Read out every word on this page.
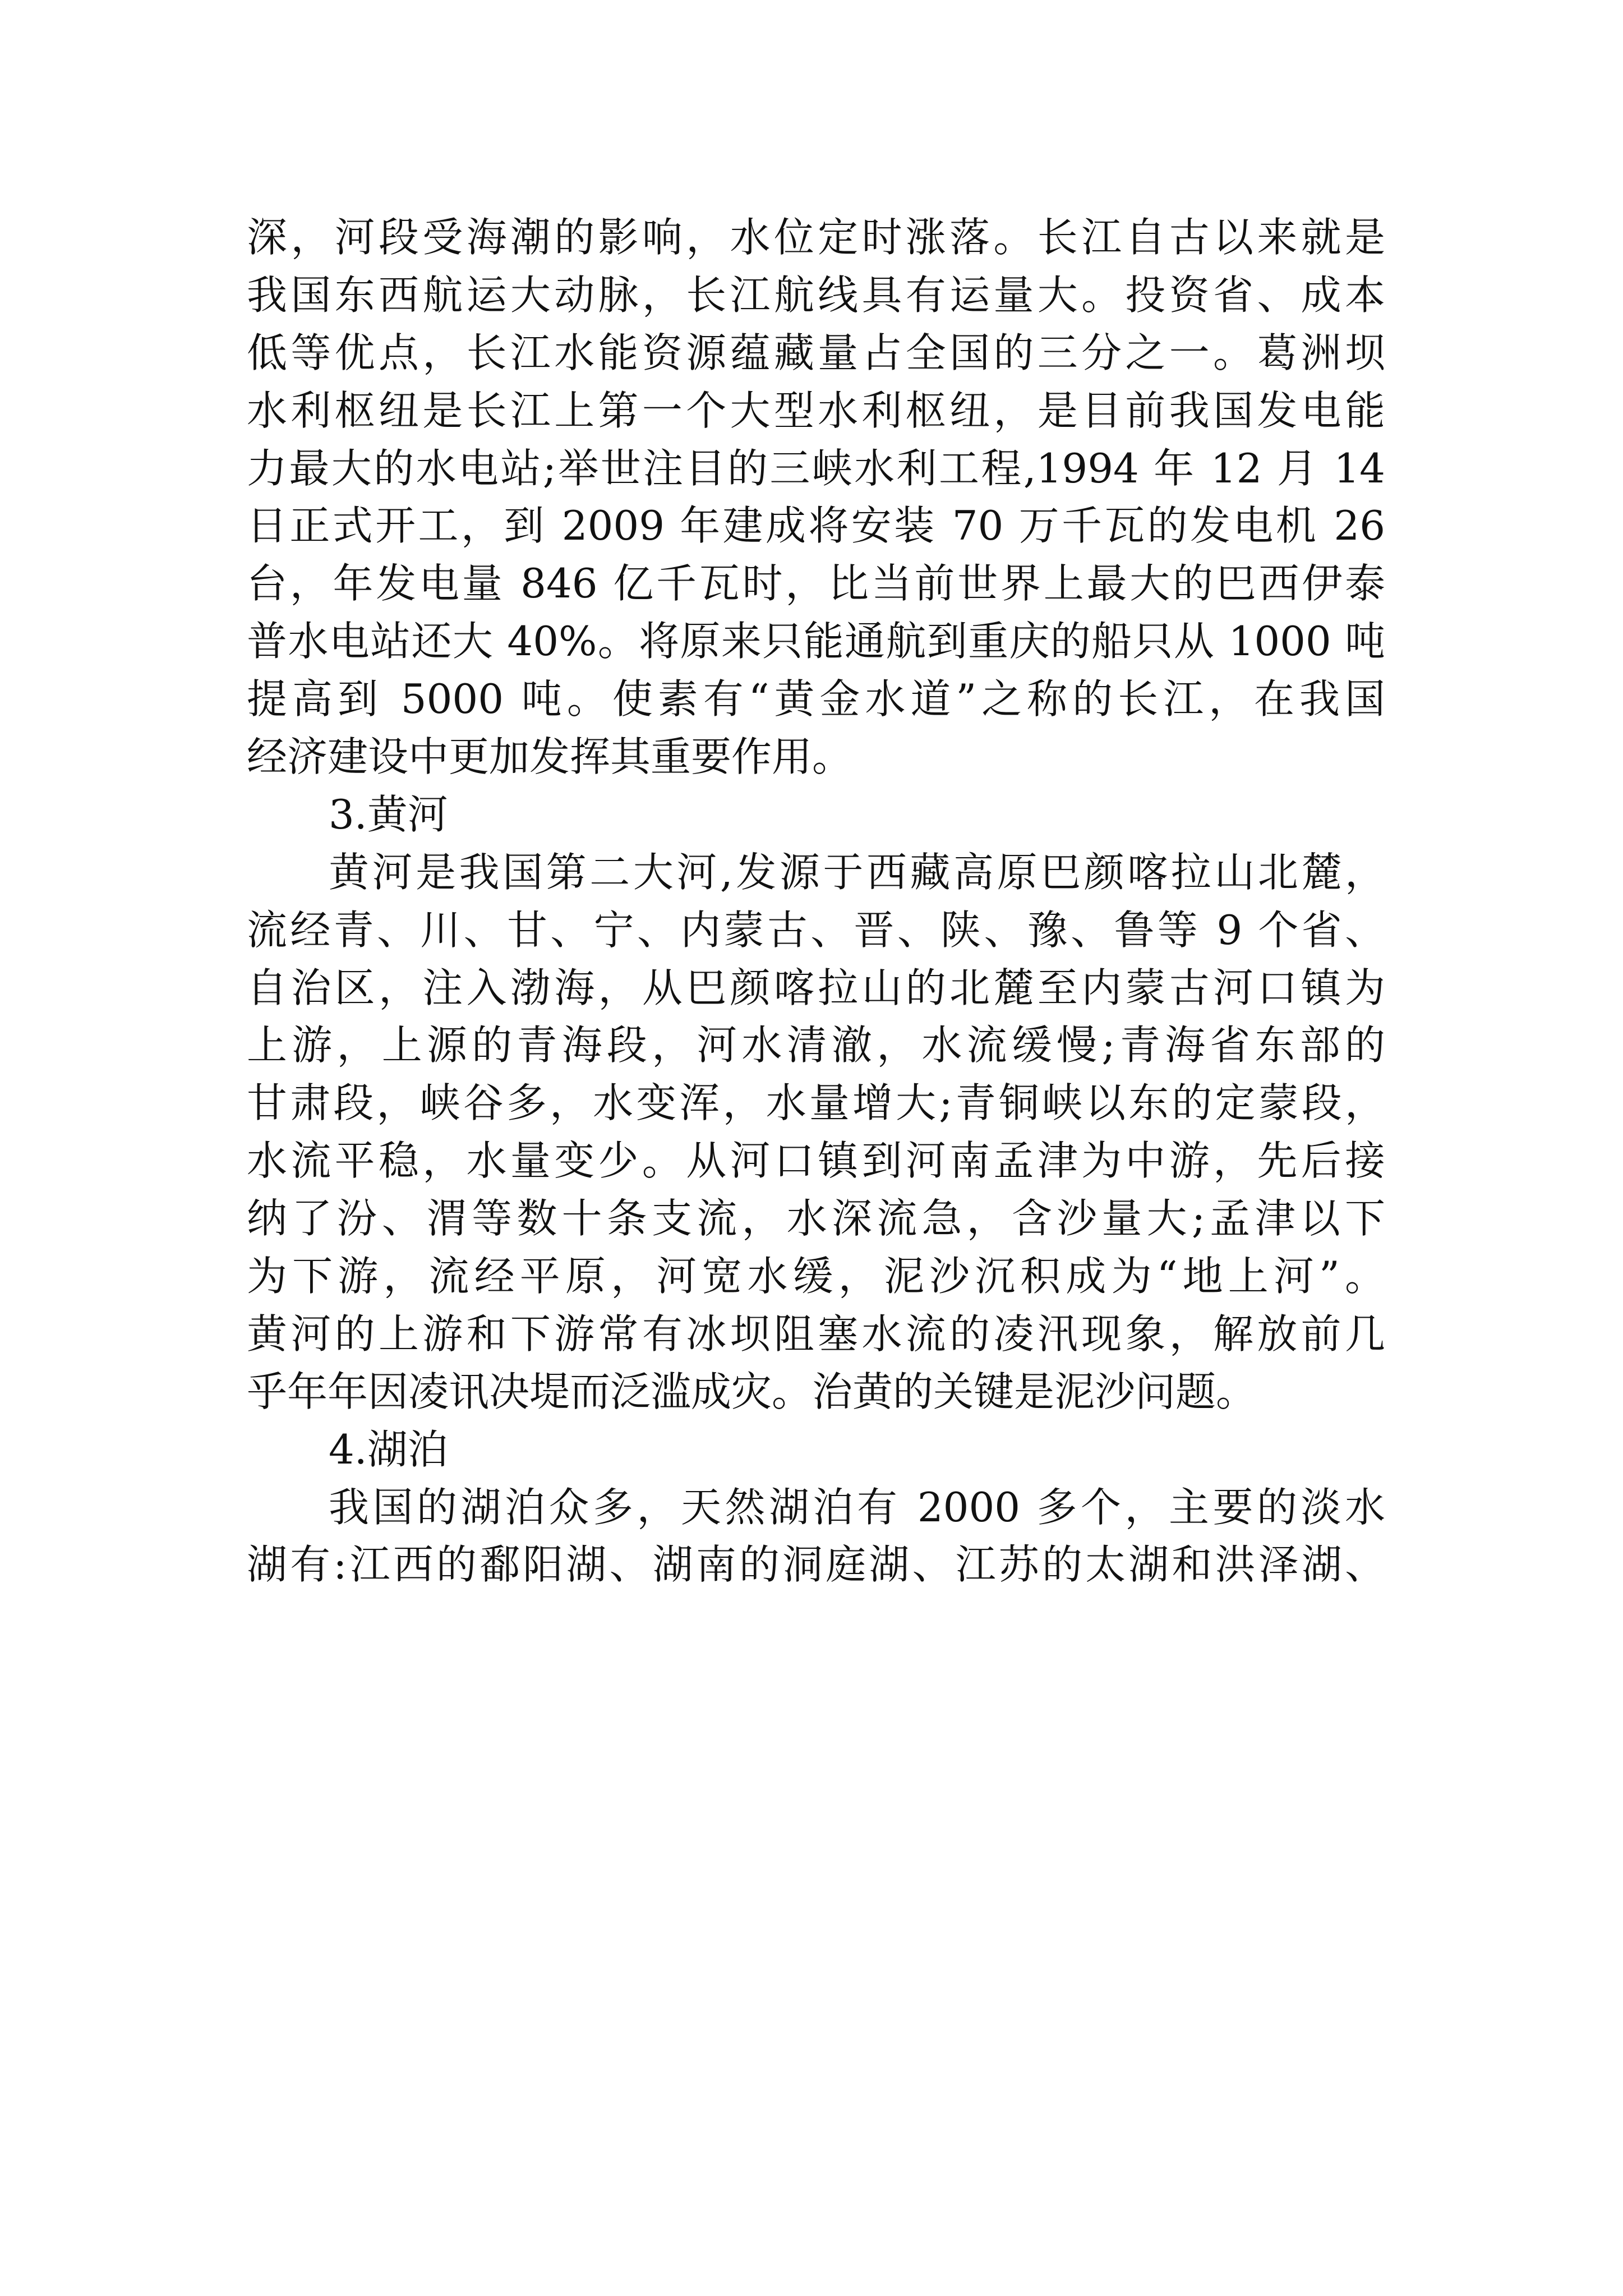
深，河段受海潮的影响，水位定时涨落。长江自古以来就是
我国东西航运大动脉，长江航线具有运量大。投资省、成本
低等优点，长江水能资源蕴藏量占全国的三分之一。葛洲坝
水利枢纽是长江上第一个大型水利枢纽，是目前我国发电能
力最大的水电站;举世注目的三峡水利工程,1994 年 12 月 14
日正式开工，到 2009 年建成将安装 70 万千瓦的发电机 26
台，年发电量 846 亿千瓦时，比当前世界上最大的巴西伊泰
普水电站还大 40%。将原来只能通航到重庆的船只从 1000 吨
提高到 5000 吨。使素有“黄金水道”之称的长江，在我国
经济建设中更加发挥其重要作用。
3.黄河
黄河是我国第二大河,发源于西藏高原巴颜喀拉山北麓，
流经青、川、甘、宁、内蒙古、晋、陕、豫、鲁等 9 个省、
自治区，注入渤海，从巴颜喀拉山的北麓至内蒙古河口镇为
上游，上源的青海段，河水清澈，水流缓慢;青海省东部的
甘肃段，峡谷多，水变浑，水量增大;青铜峡以东的定蒙段，
水流平稳，水量变少。从河口镇到河南孟津为中游，先后接
纳了汾、渭等数十条支流，水深流急，含沙量大;孟津以下
为下游，流经平原，河宽水缓，泥沙沉积成为“地上河”。
黄河的上游和下游常有冰坝阻塞水流的凌汛现象，解放前几
乎年年因凌讯决堤而泛滥成灾。治黄的关键是泥沙问题。
4.湖泊
我国的湖泊众多，天然湖泊有 2000 多个，主要的淡水
湖有:江西的鄱阳湖、湖南的洞庭湖、江苏的太湖和洪泽湖、
